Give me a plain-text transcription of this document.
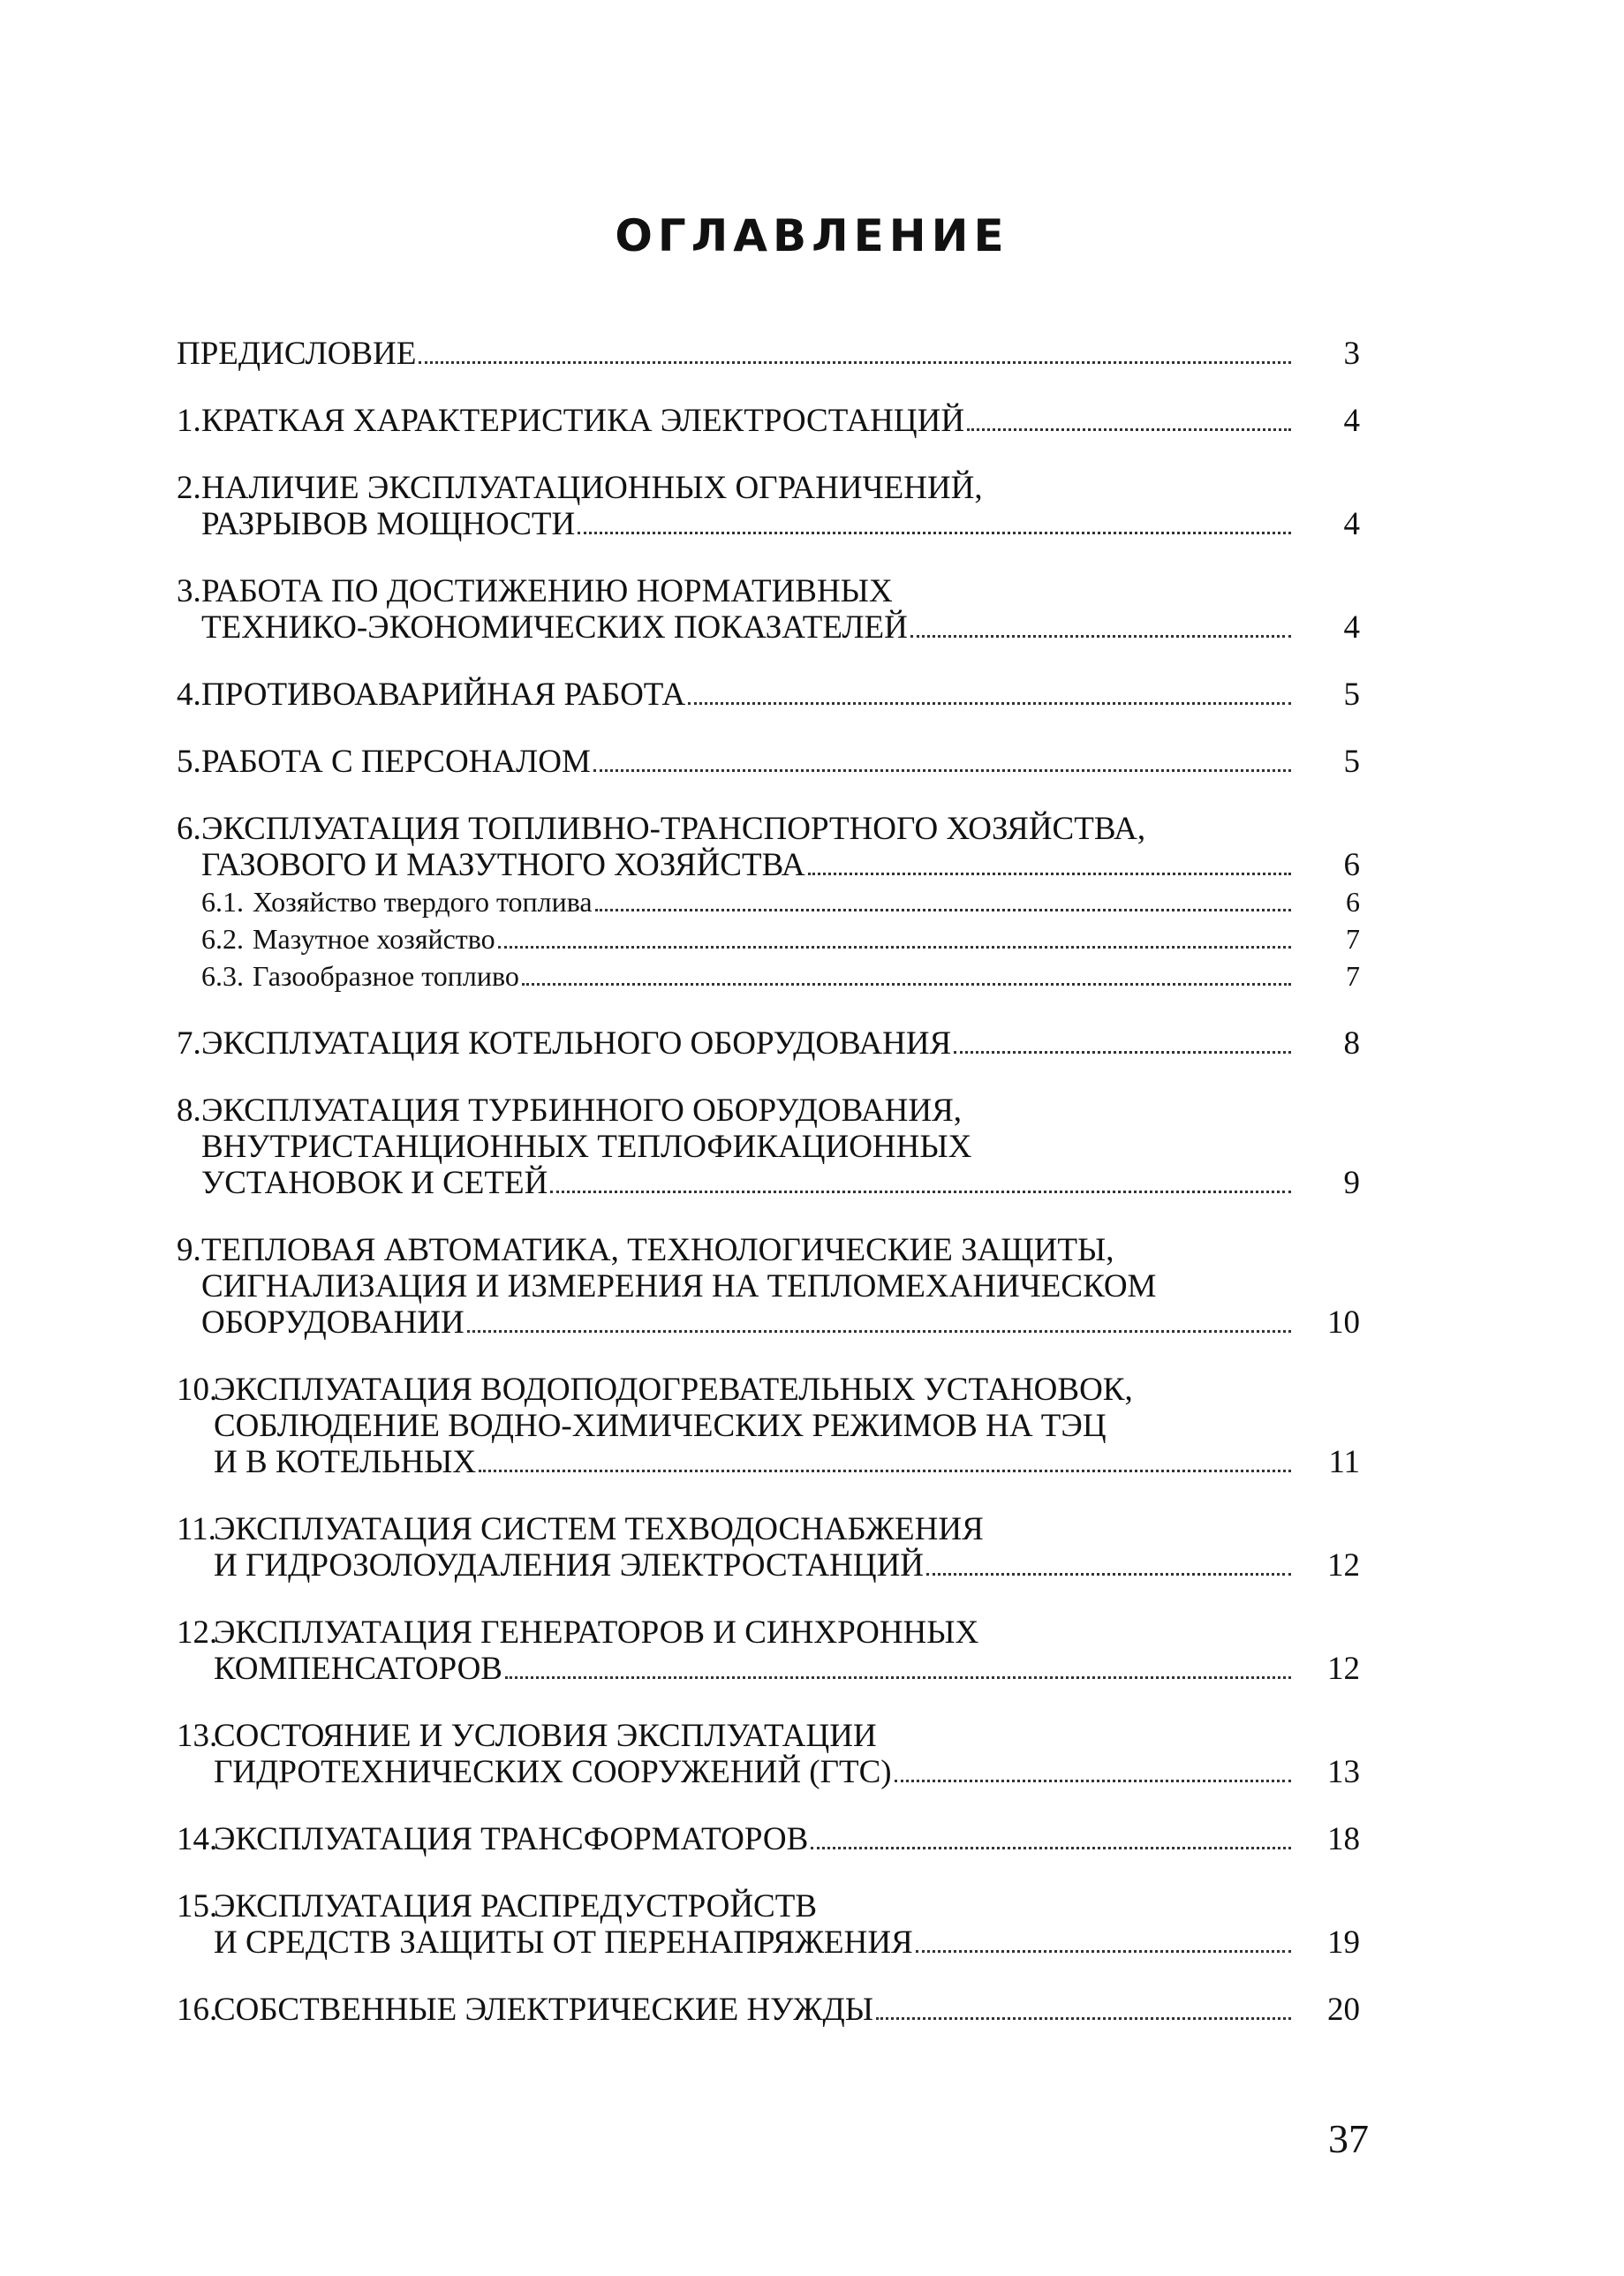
ОГЛАВЛЕНИЕ
ПРЕДИСЛОВИЕ	3
1. КРАТКАЯ ХАРАКТЕРИСТИКА ЭЛЕКТРОСТАНЦИЙ	4
2. НАЛИЧИЕ ЭКСПЛУАТАЦИОННЫХ ОГРАНИЧЕНИЙ,
РАЗРЫВОВ МОЩНОСТИ	4
3. РАБОТА ПО ДОСТИЖЕНИЮ НОРМАТИВНЫХ
ТЕХНИКО-ЭКОНОМИЧЕСКИХ ПОКАЗАТЕЛЕЙ	4
4. ПРОТИВОАВАРИЙНАЯ РАБОТА	5
5. РАБОТА С ПЕРСОНАЛОМ	5
6. ЭКСПЛУАТАЦИЯ ТОПЛИВНО-ТРАНСПОРТНОГО ХОЗЯЙСТВА,
ГАЗОВОГО И МАЗУТНОГО ХОЗЯЙСТВА	6
6.1. Хозяйство твердого топлива	6
6.2. Мазутное хозяйство	7
6.3. Газообразное топливо	7
7. ЭКСПЛУАТАЦИЯ КОТЕЛЬНОГО ОБОРУДОВАНИЯ	8
8. ЭКСПЛУАТАЦИЯ ТУРБИННОГО ОБОРУДОВАНИЯ,
ВНУТРИСТАНЦИОННЫХ ТЕПЛОФИКАЦИОННЫХ
УСТАНОВОК И СЕТЕЙ	9
9. ТЕПЛОВАЯ АВТОМАТИКА, ТЕХНОЛОГИЧЕСКИЕ ЗАЩИТЫ,
СИГНАЛИЗАЦИЯ И ИЗМЕРЕНИЯ НА ТЕПЛОМЕХАНИЧЕСКОМ
ОБОРУДОВАНИИ	10
10.
ЭКСПЛУАТАЦИЯ ВОДОПОДОГРЕВАТЕЛЬНЫХ УСТАНОВОК,
СОБЛЮДЕНИЕ ВОДНО-ХИМИЧЕСКИХ РЕЖИМОВ НА ТЭЦ
И В КОТЕЛЬНЫХ	11
11.
ЭКСПЛУАТАЦИЯ СИСТЕМ ТЕХВОДОСНАБЖЕНИЯ
И ГИДРОЗОЛОУДАЛЕНИЯ ЭЛЕКТРОСТАНЦИЙ	12
12.
ЭКСПЛУАТАЦИЯ ГЕНЕРАТОРОВ И СИНХРОННЫХ
КОМПЕНСАТОРОВ	12
13.
СОСТОЯНИЕ И УСЛОВИЯ ЭКСПЛУАТАЦИИ
ГИДРОТЕХНИЧЕСКИХ СООРУЖЕНИЙ (ГТС)	13
14.
ЭКСПЛУАТАЦИЯ ТРАНСФОРМАТОРОВ	18
15.
ЭКСПЛУАТАЦИЯ РАСПРЕДУСТРОЙСТВ
И СРЕДСТВ ЗАЩИТЫ ОТ ПЕРЕНАПРЯЖЕНИЯ	19
16.
СОБСТВЕННЫЕ ЭЛЕКТРИЧЕСКИЕ НУЖДЫ	20
37
